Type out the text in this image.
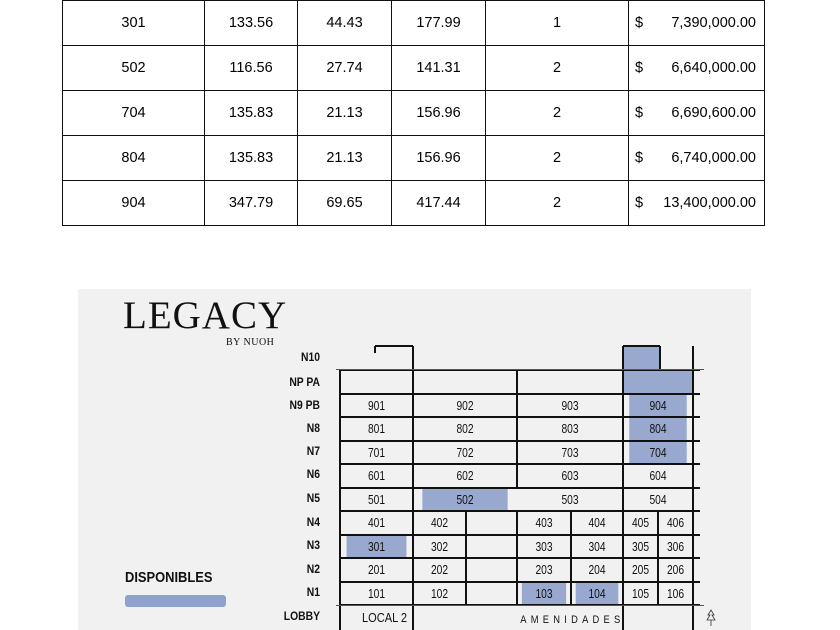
301	133.56	44.43	177.99	1	$ 7,390,000.00
502	116.56	27.74	141.31	2	$ 6,640,000.00
704	135.83	21.13	156.96	2	$ 6,690,600.00
804	135.83	21.13	156.96	2	$ 6,740,000.00
904	347.79	69.65	417.44	2	$ 13,400,000.00
LEGACY
BY NUOH
N10
NP PA
N9 PB
N8
N7
N6
N5
N4
N3
N2
N1
LOBBY
901	902	903	904
801	802	803	804
701	702	703	704
601	602	603	604
501	502	503	504
401	402	403	404	405	406
301	302	303	304	305	306
201	202	203	204	205	206
101	102	103	104	105	106
LOCAL 2	AMENIDADES
DISPONIBLES
